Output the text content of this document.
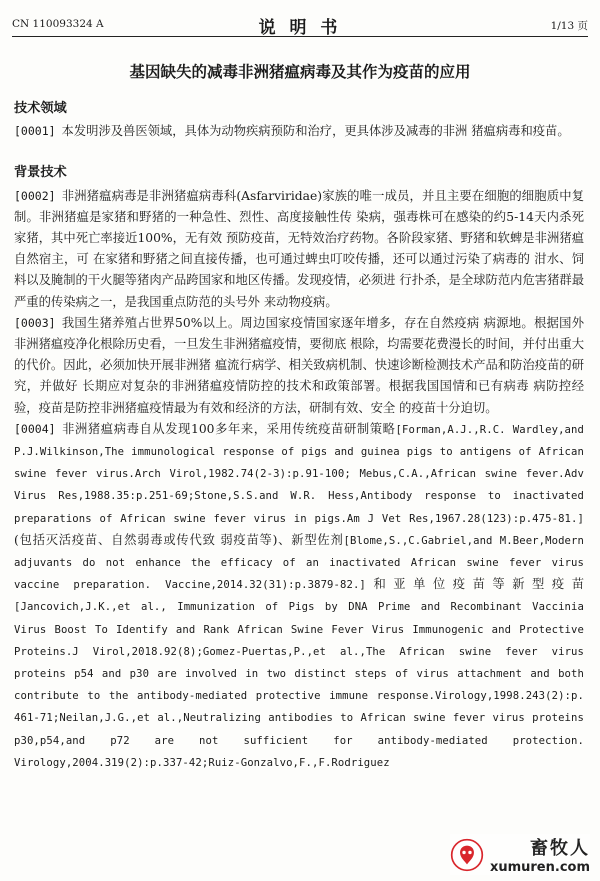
CN 110093324 A	说 明 书	1/13 页
基因缺失的减毒非洲猪瘟病毒及其作为疫苗的应用
技术领域

[0001] 本发明涉及兽医领域，具体为动物疾病预防和治疗，更具体涉及减毒的非洲 猪瘟病毒和疫苗。

背景技术

[0002] 非洲猪瘟病毒是非洲猪瘟病毒科(Asfarviridae)家族的唯一成员，并且主要在细胞的细胞质中复制。非洲猪瘟是家猪和野猪的一种急性、烈性、高度接触性传 染病，强毒株可在感染的约5-14天内杀死家猪，其中死亡率接近100%，无有效 预防疫苗，无特效治疗药物。各阶段家猪、野猪和软蜱是非洲猪瘟自然宿主，可 在家猪和野猪之间直接传播，也可通过蜱虫叮咬传播，还可以通过污染了病毒的 泔水、饲料以及腌制的干火腿等猪肉产品跨国家和地区传播。发现疫情，必须进 行扑杀，是全球防范内危害猪群最严重的传染病之一，是我国重点防范的头号外 来动物疫病。

[0003] 我国生猪养殖占世界50%以上。周边国家疫情国家逐年增多，存在自然疫病 病源地。根据国外非洲猪瘟疫净化根除历史看，一旦发生非洲猪瘟疫情，要彻底 根除，均需要花费漫长的时间，并付出重大的代价。因此，必须加快开展非洲猪 瘟流行病学、相关致病机制、快速诊断检测技术产品和防治疫苗的研究，并做好 长期应对复杂的非洲猪瘟疫情防控的技术和政策部署。根据我国国情和已有病毒 病防控经验，疫苗是防控非洲猪瘟疫情最为有效和经济的方法，研制有效、安全 的疫苗十分迫切。

[0004] 非洲猪瘟病毒自从发现100多年来，采用传统疫苗研制策略[Forman,A.J.,R.C. Wardley,and P.J.Wilkinson,The immunological response of pigs and guinea pigs to antigens of African swine fever virus.Arch Virol,1982.74(2-3):p.91-100; Mebus,C.A.,African swine fever.Adv Virus Res,1988.35:p.251-69;Stone,S.S.and W.R. Hess,Antibody response to inactivated preparations of African swine fever virus in pigs.Am J Vet Res,1967.28(123):p.475-81.](包括灭活疫苗、自然弱毒或传代致 弱疫苗等)、新型佐剂[Blome,S.,C.Gabriel,and M.Beer,Modern adjuvants do not enhance the efficacy of an inactivated African swine fever virus vaccine preparation. Vaccine,2014.32(31):p.3879-82.]和亚单位疫苗等新型疫苗[Jancovich,J.K.,et al., Immunization of Pigs by DNA Prime and Recombinant Vaccinia Virus Boost To Identify and Rank African Swine Fever Virus Immunogenic and Protective Proteins.J Virol,2018.92(8);Gomez-Puertas,P.,et al.,The African swine fever virus proteins p54 and p30 are involved in two distinct steps of virus attachment and both contribute to the antibody-mediated protective immune response.Virology,1998.243(2):p. 461-71;Neilan,J.G.,et al.,Neutralizing antibodies to African swine fever virus proteins p30,p54,and p72 are not sufficient for antibody-mediated protection. Virology,2004.319(2):p.337-42;Ruiz-Gonzalvo,F.,F.Rodriguez

畜牧人
xumuren.com
